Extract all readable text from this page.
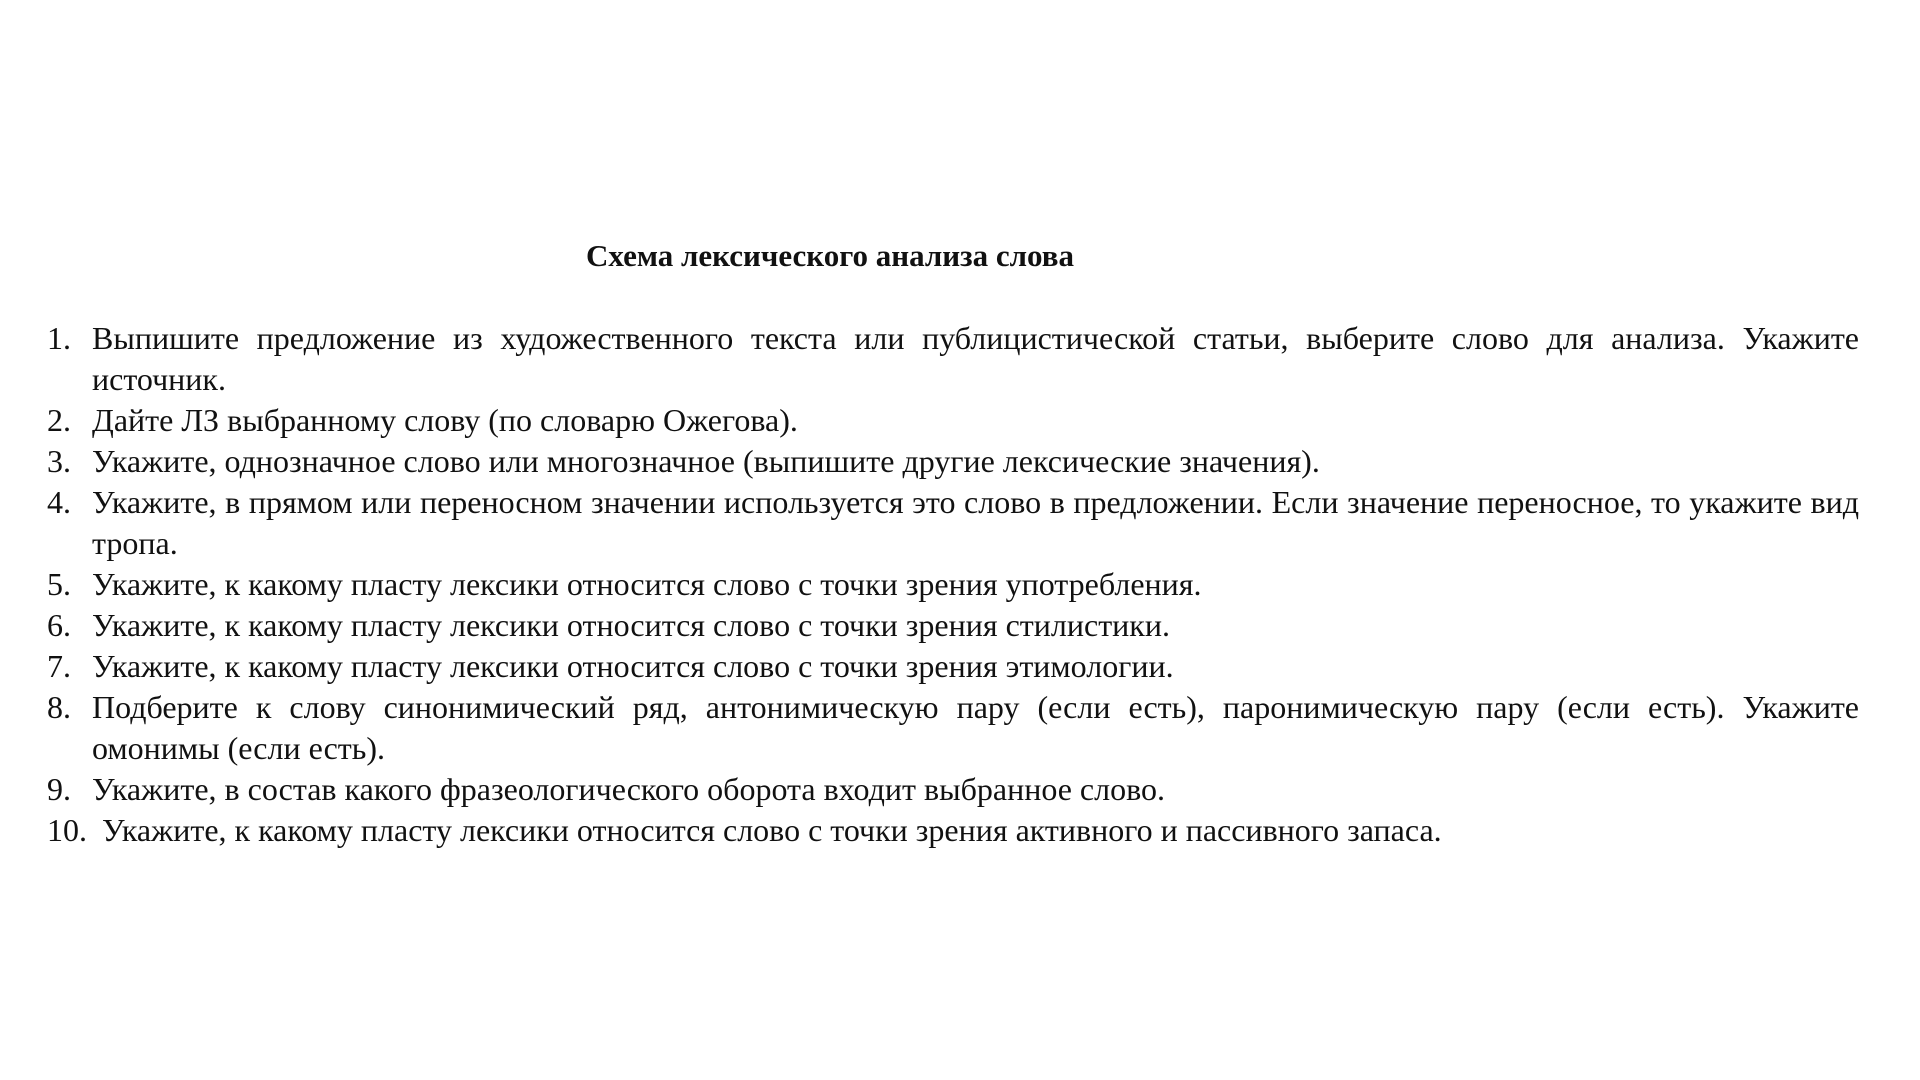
Схема лексического анализа слова
1. Выпишите предложение из художественного текста или публицистической статьи, выберите слово для анализа. Укажите источник.
2. Дайте ЛЗ выбранному слову (по словарю Ожегова).
3. Укажите, однозначное слово или многозначное (выпишите другие лексические значения).
4. Укажите, в прямом или переносном значении используется это слово в предложении. Если значение переносное, то укажите вид тропа.
5. Укажите, к какому пласту лексики относится слово с точки зрения употребления.
6. Укажите, к какому пласту лексики относится слово с точки зрения стилистики.
7. Укажите, к какому пласту лексики относится слово с точки зрения этимологии.
8. Подберите к слову синонимический ряд, антонимическую пару (если есть), паронимическую пару (если есть). Укажите омонимы (если есть).
9. Укажите, в состав какого фразеологического оборота входит выбранное слово.
10. Укажите, к какому пласту лексики относится слово с точки зрения активного и пассивного запаса.
